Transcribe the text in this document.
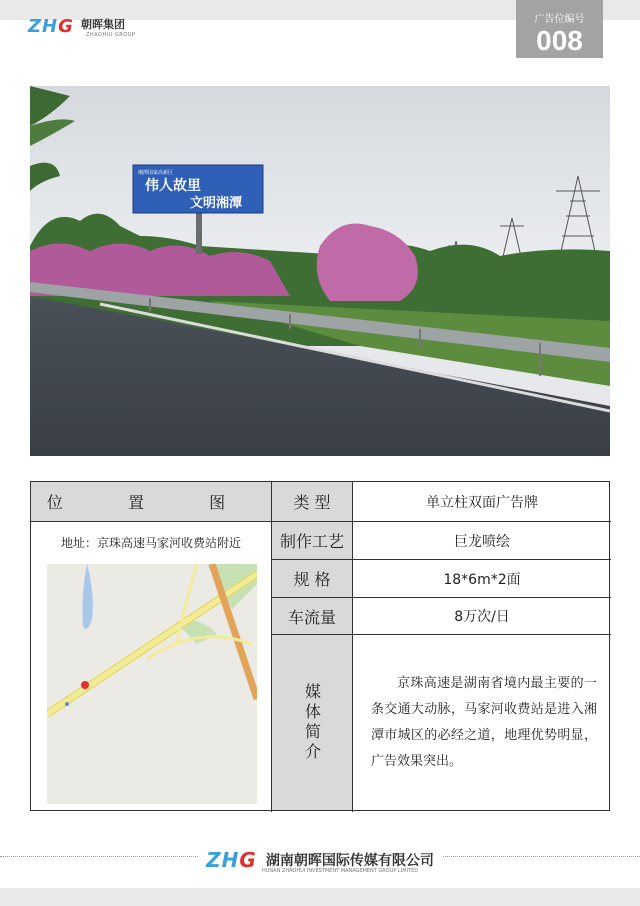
ZHG $^{朝晖集团}$
ZHAOHUI GROUP
广告位编号
008
湘潭国家高新区
伟人故里
文明湘潭
位 置 图
地址：京珠高速马家河收费站附近
类 型	单立柱双面广告牌
制作工艺	巨龙喷绘
规 格	18*6m*2面
车流量	8万次/日
媒体简介	京珠高速是湖南省境内最主要的一条交通大动脉，马家河收费站是进入湘潭市城区的必经之道，地理优势明显，广告效果突出。
ZHG 湖南朝晖国际传媒有限公司
HUNAN ZHAOHUI INVESTMENT MANAGEMENT GROUP LIMITED
